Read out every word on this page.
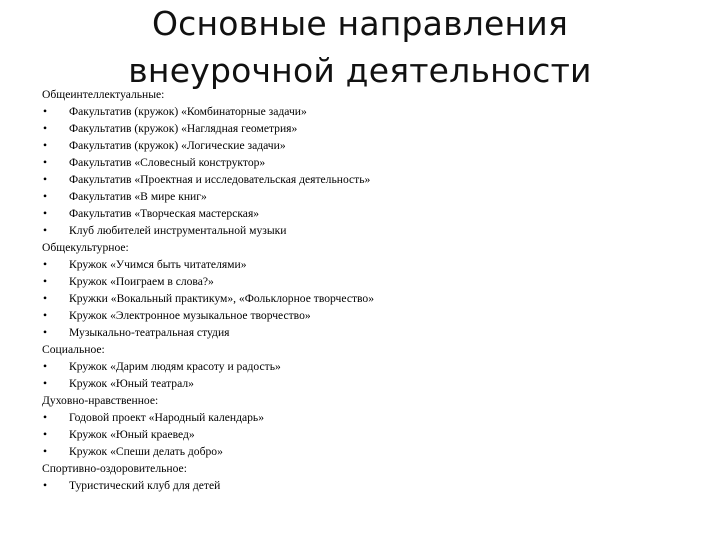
Основные направления
внеурочной деятельности
Общеинтеллектуальные:
• Факультатив (кружок) «Комбинаторные задачи»
• Факультатив (кружок) «Наглядная геометрия»
• Факультатив (кружок) «Логические задачи»
• Факультатив «Словесный конструктор»
• Факультатив «Проектная и исследовательская деятельность»
• Факультатив «В мире книг»
• Факультатив «Творческая мастерская»
• Клуб любителей инструментальной музыки
Общекультурное:
• Кружок «Учимся быть читателями»
• Кружок «Поиграем в слова?»
• Кружки «Вокальный практикум», «Фольклорное творчество»
• Кружок «Электронное музыкальное творчество»
• Музыкально-театральная студия
Социальное:
• Кружок «Дарим людям красоту и радость»
• Кружок «Юный театрал»
Духовно-нравственное:
• Годовой проект «Народный календарь»
• Кружок «Юный краевед»
• Кружок «Спеши делать добро»
Спортивно-оздоровительное:
• Туристический клуб для детей
